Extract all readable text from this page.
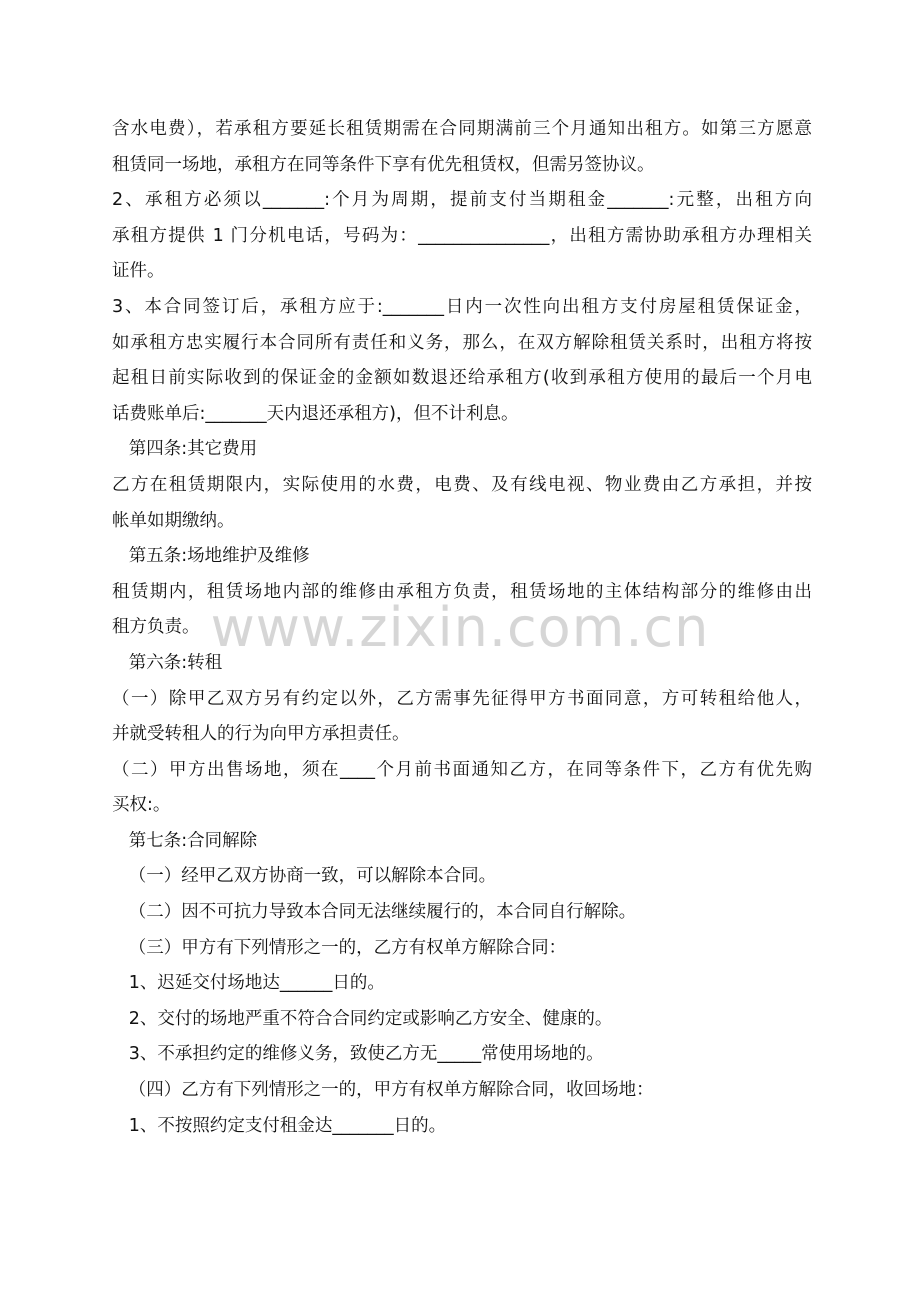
含水电费），若承租方要延长租赁期需在合同期满前三个月通知出租方。如第三方愿意
租赁同一场地，承租方在同等条件下享有优先租赁权，但需另签协议。
2、承租方必须以_______:个月为周期，提前支付当期租金_______:元整，出租方向
承租方提供 1 门分机电话，号码为：_______________，出租方需协助承租方办理相关
证件。
3、本合同签订后，承租方应于:_______日内一次性向出租方支付房屋租赁保证金，
如承租方忠实履行本合同所有责任和义务，那么，在双方解除租赁关系时，出租方将按
起租日前实际收到的保证金的金额如数退还给承租方(收到承租方使用的最后一个月电
话费账单后:_______天内退还承租方)，但不计利息。
第四条:其它费用
乙方在租赁期限内，实际使用的水费，电费、及有线电视、物业费由乙方承担，并按
帐单如期缴纳。
第五条:场地维护及维修
租赁期内，租赁场地内部的维修由承租方负责，租赁场地的主体结构部分的维修由出
租方负责。
第六条:转租
（一）除甲乙双方另有约定以外，乙方需事先征得甲方书面同意，方可转租给他人，
并就受转租人的行为向甲方承担责任。
（二）甲方出售场地，须在____个月前书面通知乙方，在同等条件下，乙方有优先购
买权:。
第七条:合同解除
（一）经甲乙双方协商一致，可以解除本合同。
（二）因不可抗力导致本合同无法继续履行的，本合同自行解除。
（三）甲方有下列情形之一的，乙方有权单方解除合同：
1、迟延交付场地达______日的。
2、交付的场地严重不符合合同约定或影响乙方安全、健康的。
3、不承担约定的维修义务，致使乙方无_____常使用场地的。
（四）乙方有下列情形之一的，甲方有权单方解除合同，收回场地：
1、不按照约定支付租金达_______日的。
www.zixin.com.cn
